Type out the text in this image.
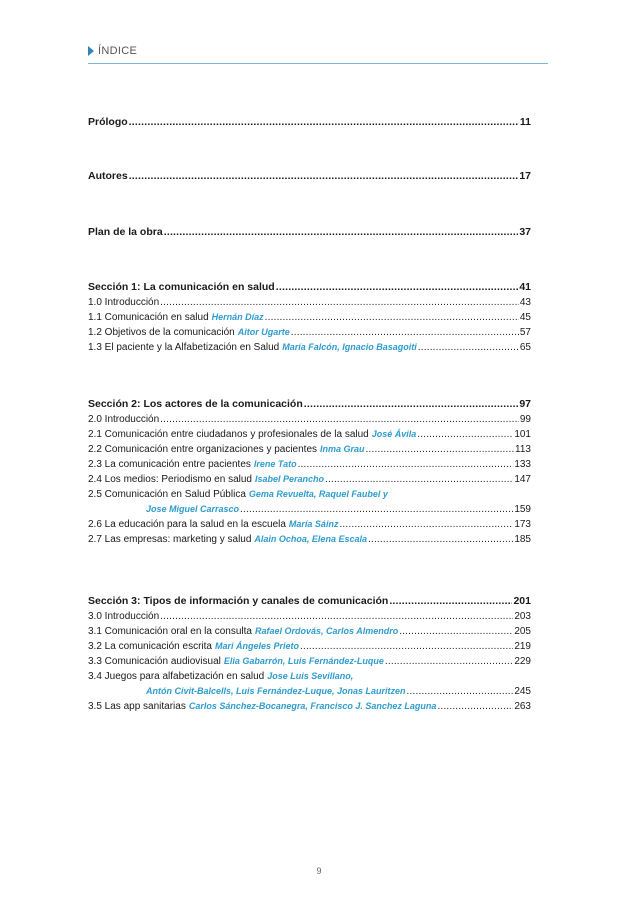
ÍNDICE
Prólogo .....	11
Autores .....	17
Plan de la obra .....	37
Sección 1: La comunicación en salud .....	41
1.0 Introducción .....	43
1.1 Comunicación en salud Hernán Díaz .....	45
1.2 Objetivos de la comunicación Aitor Ugarte .....	57
1.3 El paciente y la Alfabetización en Salud María Falcón, Ignacio Basagoiti .....	65
Sección 2: Los actores de la comunicación .....	97
2.0 Introducción .....	99
2.1 Comunicación entre ciudadanos y profesionales de la salud José Ávila .....	101
2.2 Comunicación entre organizaciones y pacientes Inma Grau .....	113
2.3 La comunicación entre pacientes Irene Tato .....	133
2.4 Los medios: Periodismo en salud Isabel Perancho .....	147
2.5 Comunicación en Salud Pública Gema Revuelta, Raquel Faubel y
Jose Miguel Carrasco .....	159
2.6 La educación para la salud en la escuela María Sáinz .....	173
2.7 Las empresas: marketing y salud Alain Ochoa, Elena Escala .....	185
Sección 3: Tipos de información y canales de comunicación .....	201
3.0 Introducción .....	203
3.1 Comunicación oral en la consulta Rafael Ordovás, Carlos Almendro .....	205
3.2 La comunicación escrita Mari Ángeles Prieto .....	219
3.3 Comunicación audiovisual Elia Gabarrón, Luis Fernández-Luque .....	229
3.4 Juegos para alfabetización en salud Jose Luis Sevillano,
Antón Civit-Balcells, Luis Fernández-Luque, Jonas Lauritzen .....	245
3.5 Las app sanitarias Carlos Sánchez-Bocanegra, Francisco J. Sanchez Laguna .....	263
9
